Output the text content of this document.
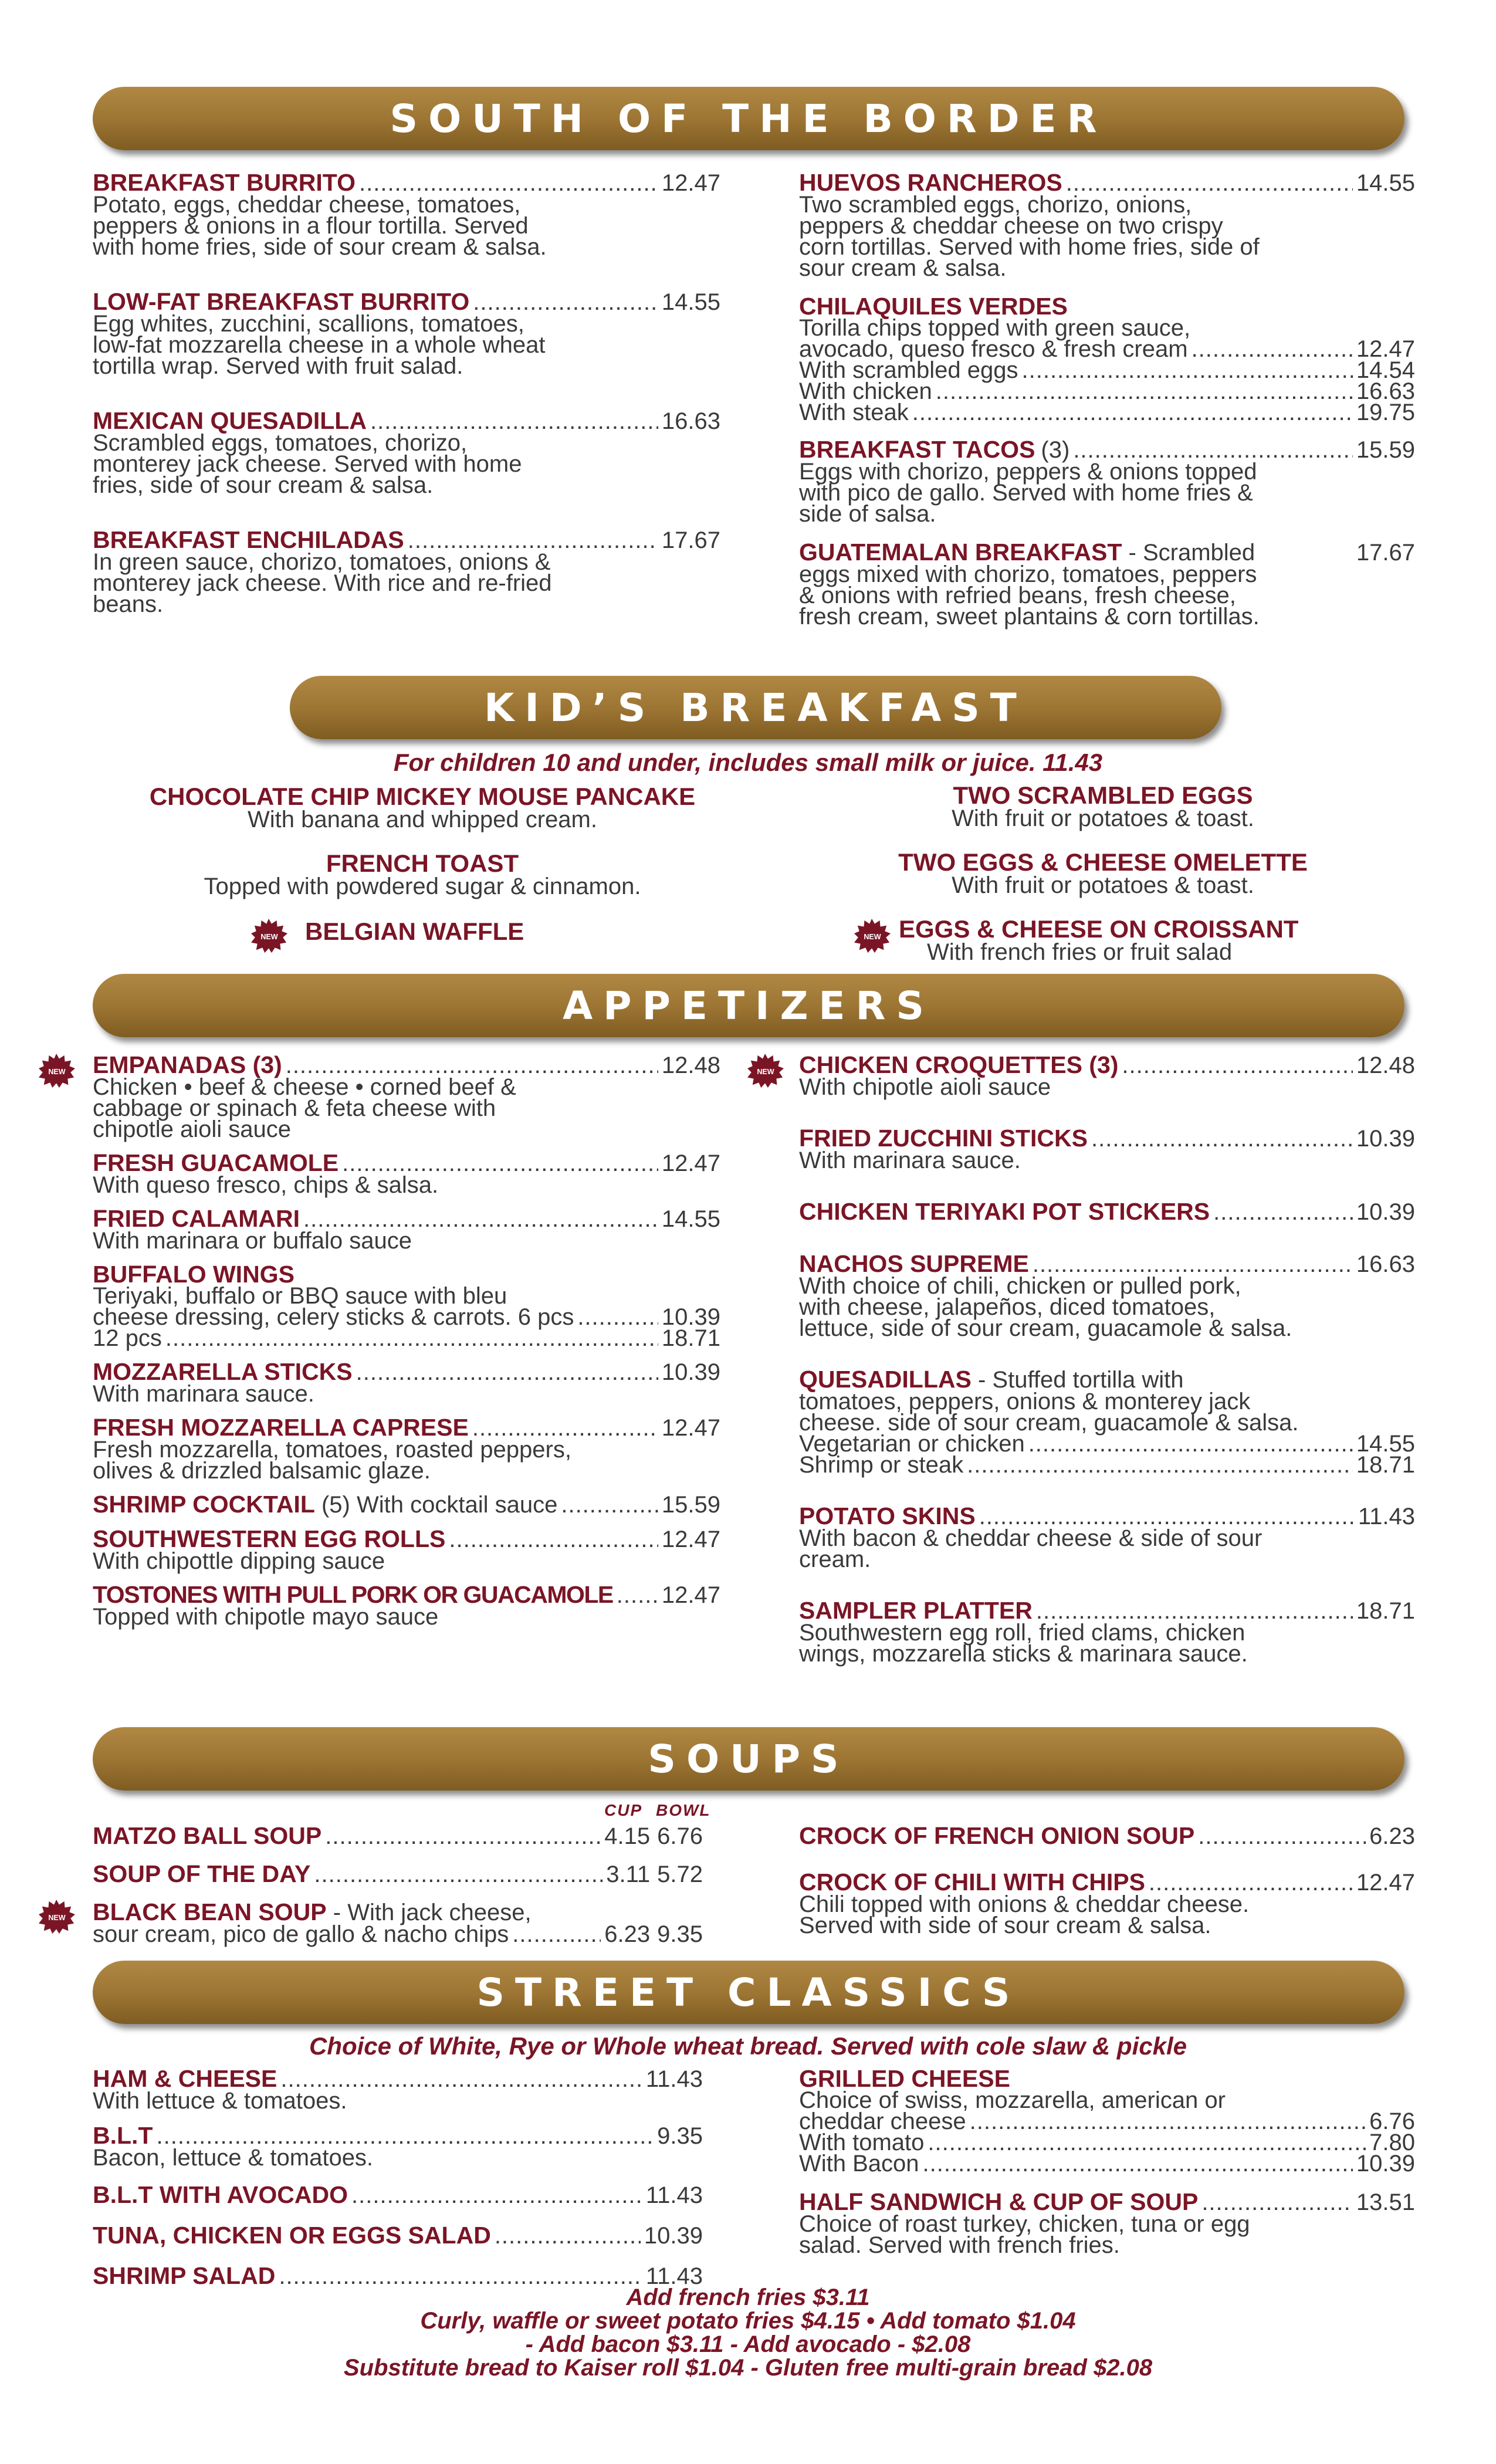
SOUTH OF THE BORDER
BREAKFAST BURRITO .....	12.47
Potato, eggs, cheddar cheese, tomatoes,
peppers & onions in a flour tortilla. Served
with home fries, side of sour cream & salsa.
LOW-FAT BREAKFAST BURRITO .....	14.55
Egg whites, zucchini, scallions, tomatoes,
low-fat mozzarella cheese in a whole wheat
tortilla wrap. Served with fruit salad.
MEXICAN QUESADILLA .....	16.63
Scrambled eggs, tomatoes, chorizo,
monterey jack cheese. Served with home
fries, side of sour cream & salsa.
BREAKFAST ENCHILADAS .....	17.67
In green sauce, chorizo, tomatoes, onions &
monterey jack cheese. With rice and re-fried
beans.
HUEVOS RANCHEROS .....	14.55
Two scrambled eggs, chorizo, onions,
peppers & cheddar cheese on two crispy
corn tortillas. Served with home fries, side of
sour cream & salsa.
CHILAQUILES VERDES
Torilla chips topped with green sauce,
avocado, queso fresco & fresh cream .....	12.47
With scrambled eggs .....	14.54
With chicken .....	16.63
With steak .....	19.75
BREAKFAST TACOS (3) .....	15.59
Eggs with chorizo, peppers & onions topped
with pico de gallo. Served with home fries &
side of salsa.
GUATEMALAN BREAKFAST - Scrambled	17.67
eggs mixed with chorizo, tomatoes, peppers
& onions with refried beans, fresh cheese,
fresh cream, sweet plantains & corn tortillas.
KID’S BREAKFAST
For children 10 and under, includes small milk or juice. 11.43
CHOCOLATE CHIP MICKEY MOUSE PANCAKE
With banana and whipped cream.
FRENCH TOAST
Topped with powdered sugar & cinnamon.
NEW BELGIAN WAFFLE
TWO SCRAMBLED EGGS
With fruit or potatoes & toast.
TWO EGGS & CHEESE OMELETTE
With fruit or potatoes & toast.
NEW EGGS & CHEESE ON CROISSANT
With french fries or fruit salad
APPETIZERS
NEW	NEW
EMPANADAS (3) .....	12.48
Chicken • beef & cheese • corned beef &
cabbage or spinach & feta cheese with
chipotle aioli sauce
FRESH GUACAMOLE .....	12.47
With queso fresco, chips & salsa.
FRIED CALAMARI .....	14.55
With marinara or buffalo sauce
BUFFALO WINGS
Teriyaki, buffalo or BBQ sauce with bleu
cheese dressing, celery sticks & carrots. 6 pcs .....	10.39
12 pcs .....	18.71
MOZZARELLA STICKS .....	10.39
With marinara sauce.
FRESH MOZZARELLA CAPRESE .....	12.47
Fresh mozzarella, tomatoes, roasted peppers,
olives & drizzled balsamic glaze.
SHRIMP COCKTAIL (5) With cocktail sauce .....	15.59
SOUTHWESTERN EGG ROLLS .....	12.47
With chipottle dipping sauce
TOSTONES WITH PULL PORK OR GUACAMOLE ..... 12.47
Topped with chipotle mayo sauce
CHICKEN CROQUETTES (3) .....	12.48
With chipotle aioli sauce
FRIED ZUCCHINI STICKS .....	10.39
With marinara sauce.
CHICKEN TERIYAKI POT STICKERS .....	10.39
NACHOS SUPREME .....	16.63
With choice of chili, chicken or pulled pork,
with cheese, jalapeños, diced tomatoes,
lettuce, side of sour cream, guacamole & salsa.
QUESADILLAS - Stuffed tortilla with
tomatoes, peppers, onions & monterey jack
cheese. side of sour cream, guacamole & salsa.
Vegetarian or chicken .....	14.55
Shrimp or steak .....	18.71
POTATO SKINS .....	11.43
With bacon & cheddar cheese & side of sour
cream.
SAMPLER PLATTER .....	18.71
Southwestern egg roll, fried clams, chicken
wings, mozzarella sticks & marinara sauce.
SOUPS
CUP BOWL
NEW
MATZO BALL SOUP .....	4.15 6.76
SOUP OF THE DAY .....	3.11 5.72
BLACK BEAN SOUP - With jack cheese,
sour cream, pico de gallo & nacho chips .....	6.23 9.35
CROCK OF FRENCH ONION SOUP .....	6.23
CROCK OF CHILI WITH CHIPS .....	12.47
Chili topped with onions & cheddar cheese.
Served with side of sour cream & salsa.
STREET CLASSICS
Choice of White, Rye or Whole wheat bread. Served with cole slaw & pickle
HAM & CHEESE .....	11.43
With lettuce & tomatoes.
B.L.T .....	9.35
Bacon, lettuce & tomatoes.
B.L.T WITH AVOCADO .....	11.43
TUNA, CHICKEN OR EGGS SALAD .....	10.39
SHRIMP SALAD .....	11.43
GRILLED CHEESE
Choice of swiss, mozzarella, american or
cheddar cheese .....	6.76
With tomato .....	7.80
With Bacon .....	10.39
HALF SANDWICH & CUP OF SOUP .....	13.51
Choice of roast turkey, chicken, tuna or egg
salad. Served with french fries.
Add french fries $3.11
Curly, waffle or sweet potato fries $4.15 • Add tomato $1.04
- Add bacon $3.11 - Add avocado - $2.08
Substitute bread to Kaiser roll $1.04 - Gluten free multi-grain bread $2.08
